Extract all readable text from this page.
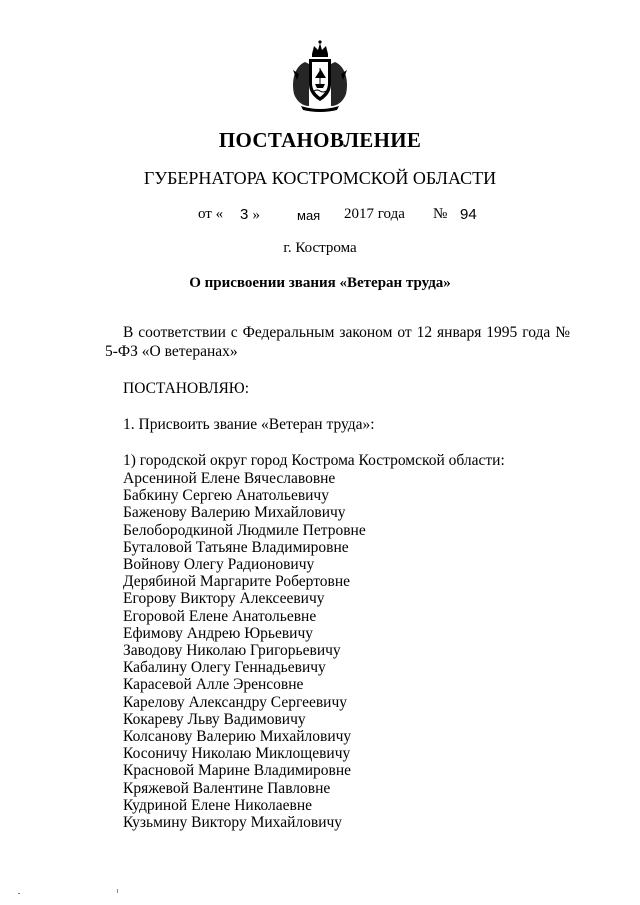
ПОСТАНОВЛЕНИЕ
ГУБЕРНАТОРА КОСТРОМСКОЙ ОБЛАСТИ
от « 3 »	мая 2017 года № 94
г. Кострома
О присвоении звания «Ветеран труда»
В соответствии с Федеральным законом от 12 января 1995 года № 5-ФЗ «О ветеранах»
ПОСТАНОВЛЯЮ:
1. Присвоить звание «Ветеран труда»:
1) городской округ город Кострома Костромской области:
Арсениной Елене Вячеславовне
Бабкину Сергею Анатольевичу
Баженову Валерию Михайловичу
Белобородкиной Людмиле Петровне
Буталовой Татьяне Владимировне
Войнову Олегу Радионовичу
Дерябиной Маргарите Робертовне
Егорову Виктору Алексеевичу
Егоровой Елене Анатольевне
Ефимову Андрею Юрьевичу
Заводову Николаю Григорьевичу
Кабалину Олегу Геннадьевичу
Карасевой Алле Эренсовне
Карелову Александру Сергеевичу
Кокареву Льву Вадимовичу
Колсанову Валерию Михайловичу
Косоничу Николаю Миклощевичу
Красновой Марине Владимировне
Кряжевой Валентине Павловне
Кудриной Елене Николаевне
Кузьмину Виктору Михайловичу
